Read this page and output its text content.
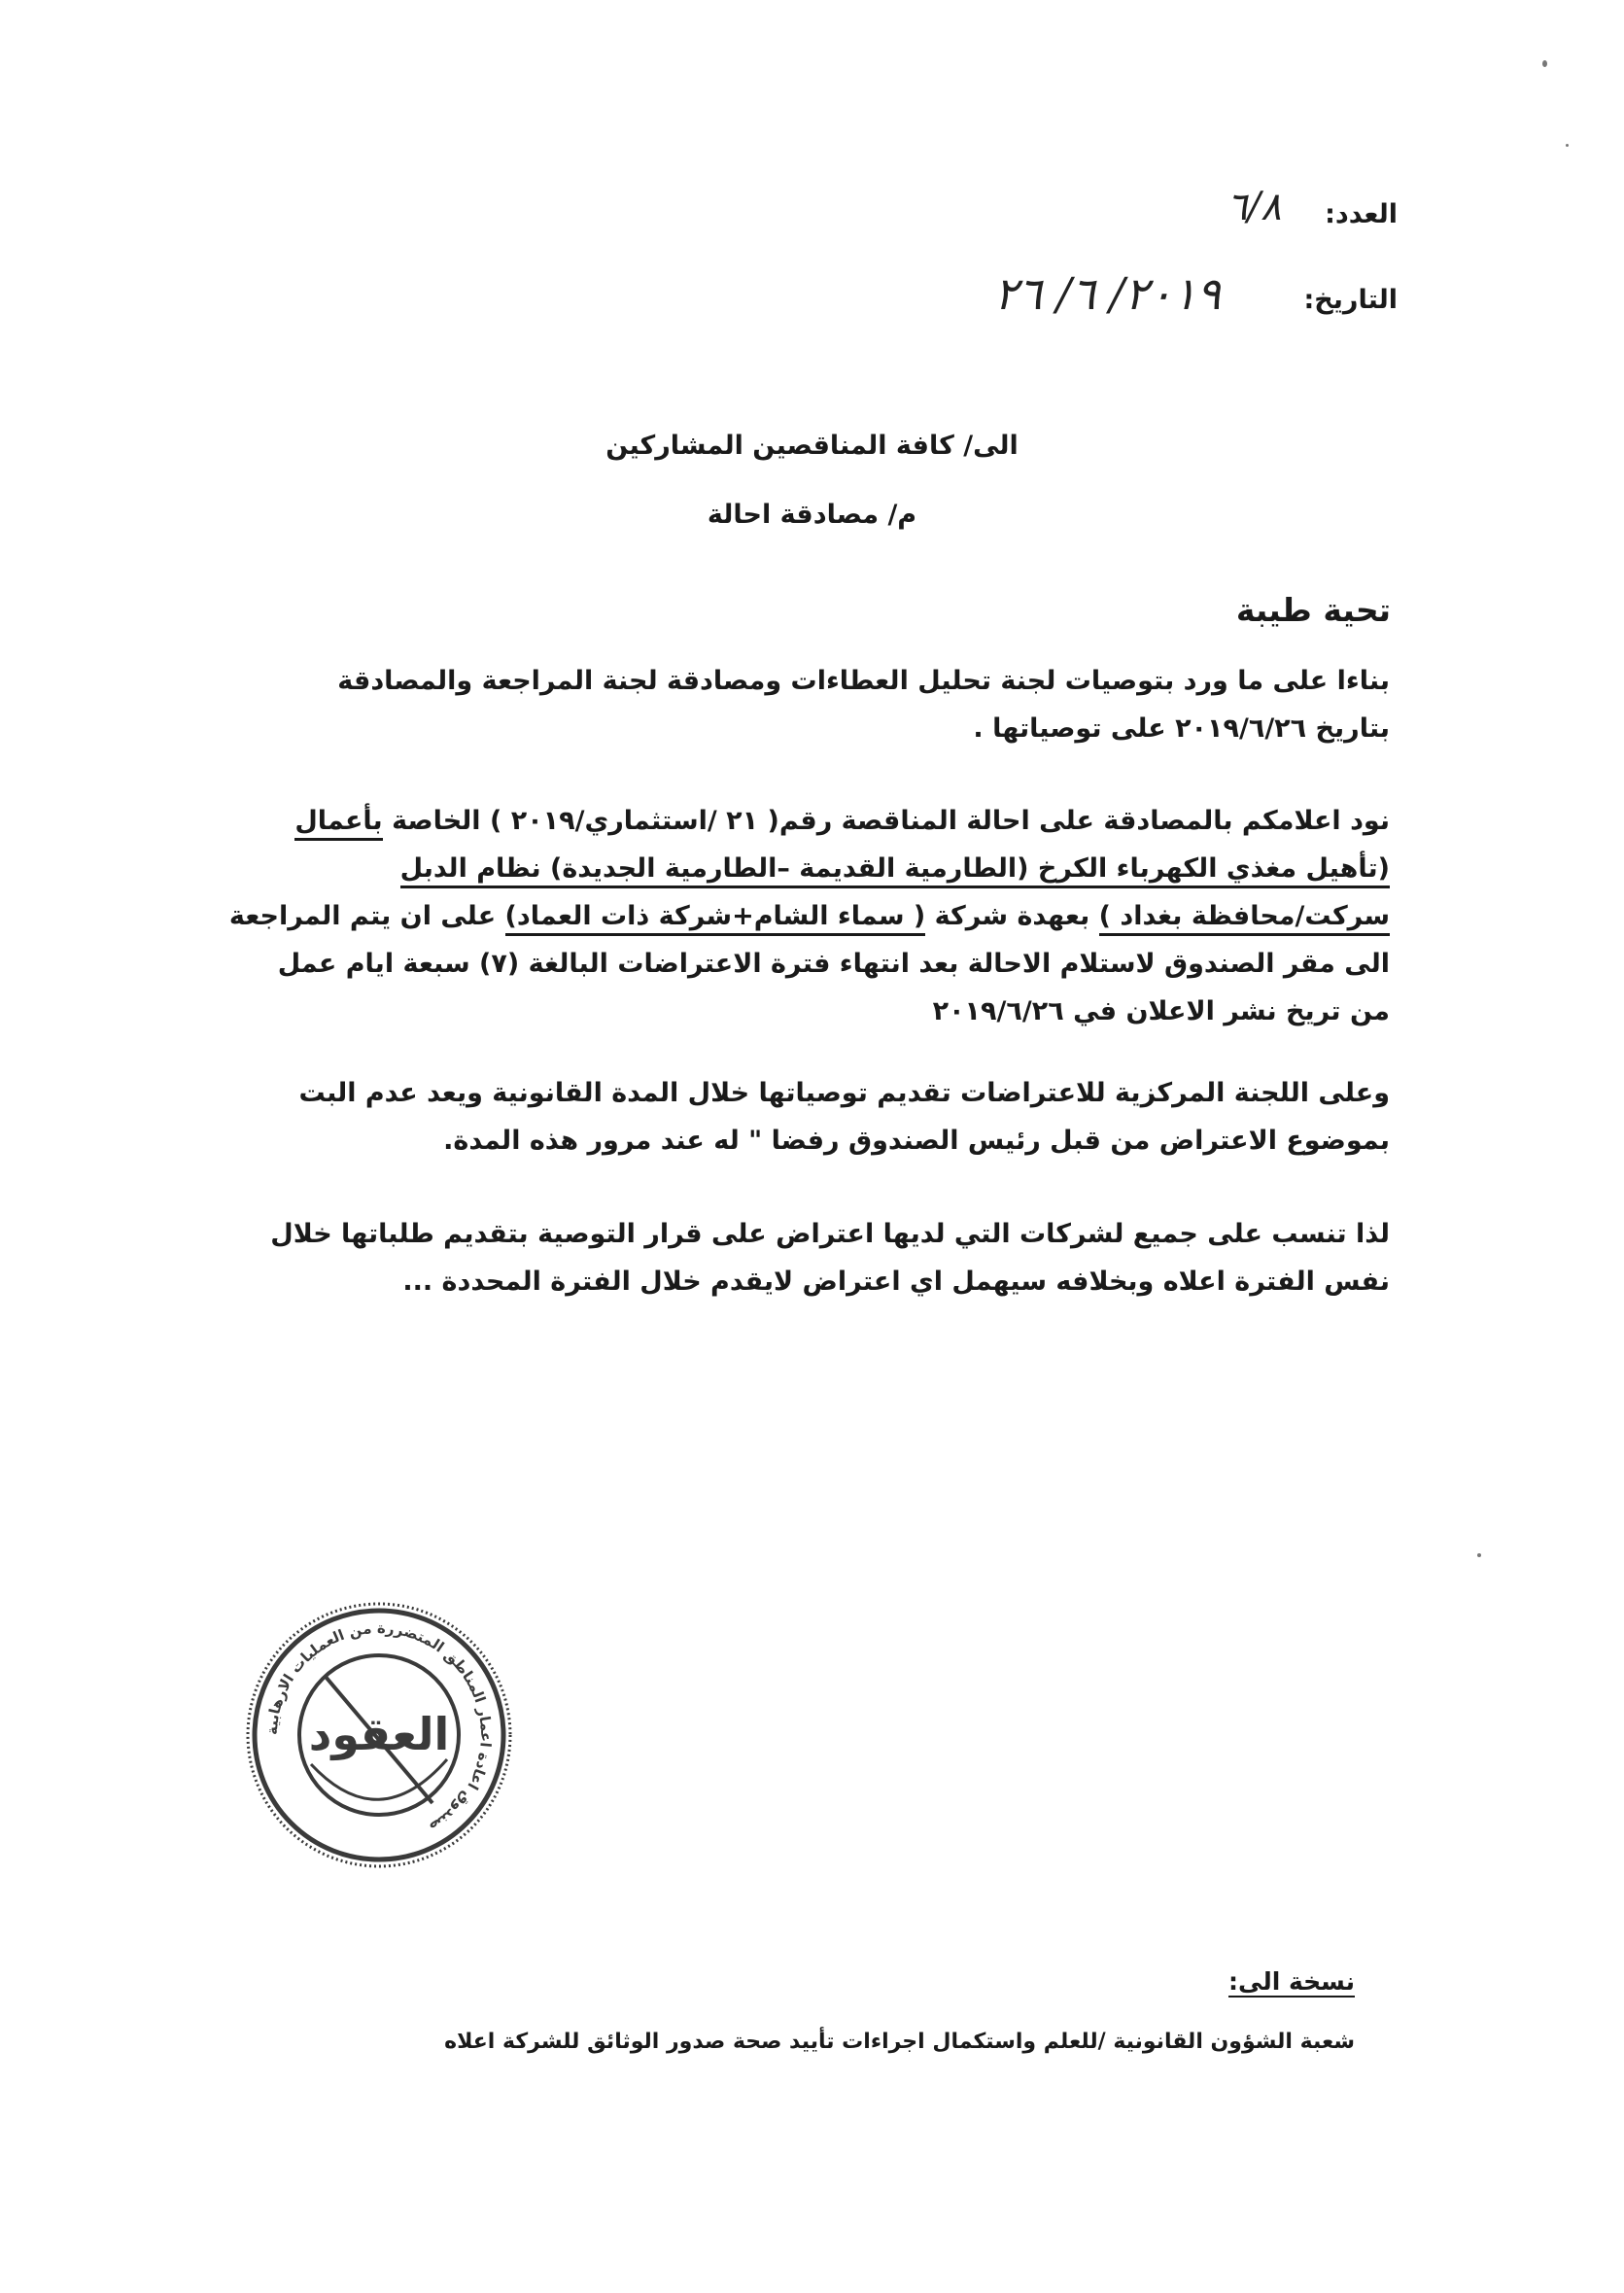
العدد:
٦/٨
التاريخ:
٢٠١٩/ ٦/ ٢٦
الى/ كافة المناقصين المشاركين
م/ مصادقة احالة
تحية طيبة
بناءا على ما ورد بتوصيات لجنة تحليل العطاءات ومصادقة لجنة المراجعة والمصادقة
بتاريخ ٢٠١٩/٦/٢٦ على توصياتها .
نود اعلامكم بالمصادقة على احالة المناقصة رقم( ٢١ /استثماري/٢٠١٩ ) الخاصة بأعمال
(تأهيل مغذي الكهرباء الكرخ (الطارمية القديمة –الطارمية الجديدة) نظام الدبل
سركت/محافظة بغداد ) بعهدة شركة ( سماء الشام+شركة ذات العماد) على ان يتم المراجعة
الى مقر الصندوق لاستلام الاحالة بعد انتهاء فترة الاعتراضات البالغة (٧) سبعة ايام عمل
من تريخ نشر الاعلان في ٢٠١٩/٦/٢٦
وعلى اللجنة المركزية للاعتراضات تقديم توصياتها خلال المدة القانونية ويعد عدم البت
بموضوع الاعتراض من قبل رئيس الصندوق رفضا " له عند مرور هذه المدة.
لذا تنسب على جميع لشركات التي لديها اعتراض على قرار التوصية بتقديم طلباتها خلال
نفس الفترة اعلاه وبخلافه سيهمل اي اعتراض لايقدم خلال الفترة المحددة ...
صندوق اعادة اعمار المناطق المتضررة من العمليات الارهابية
العقود
نسخة الى:
شعبة الشؤون القانونية /للعلم واستكمال اجراءات تأييد صحة صدور الوثائق للشركة اعلاه
